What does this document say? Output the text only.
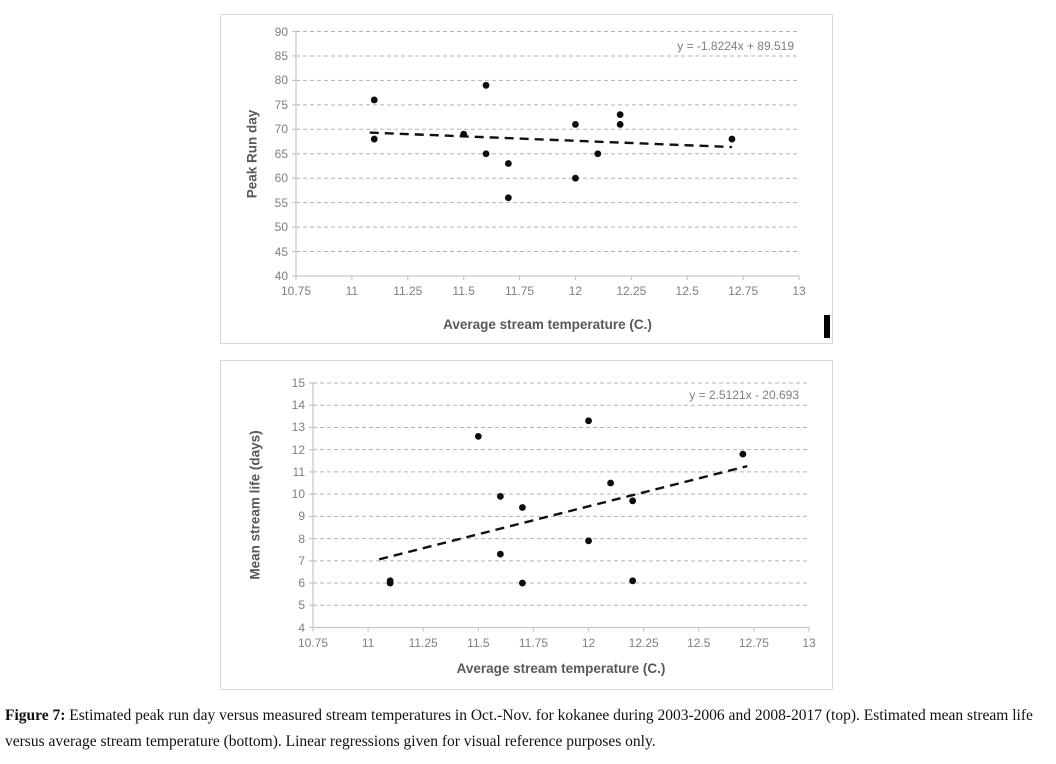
y = -1.8224x + 89.519
Average stream temperature (C.)
Peak Run day
10.75	11	11.25	11.5	11.75	12	12.25	12.5	12.75	13
40
45
50
55
60
65
70
75
80
85
90
y = 2.5121x - 20.693
Average stream temperature (C.)
Mean stream life (days)
10.75	11	11.25	11.5	11.75	12	12.25	12.5	12.75	13
4
5
6
7
8
9
10
11
12
13
14
15
Figure 7: Estimated peak run day versus measured stream temperatures in Oct.-Nov. for kokanee during 2003-2006 and 2008-2017 (top). Estimated mean stream life versus average stream temperature (bottom). Linear regressions given for visual reference purposes only.
